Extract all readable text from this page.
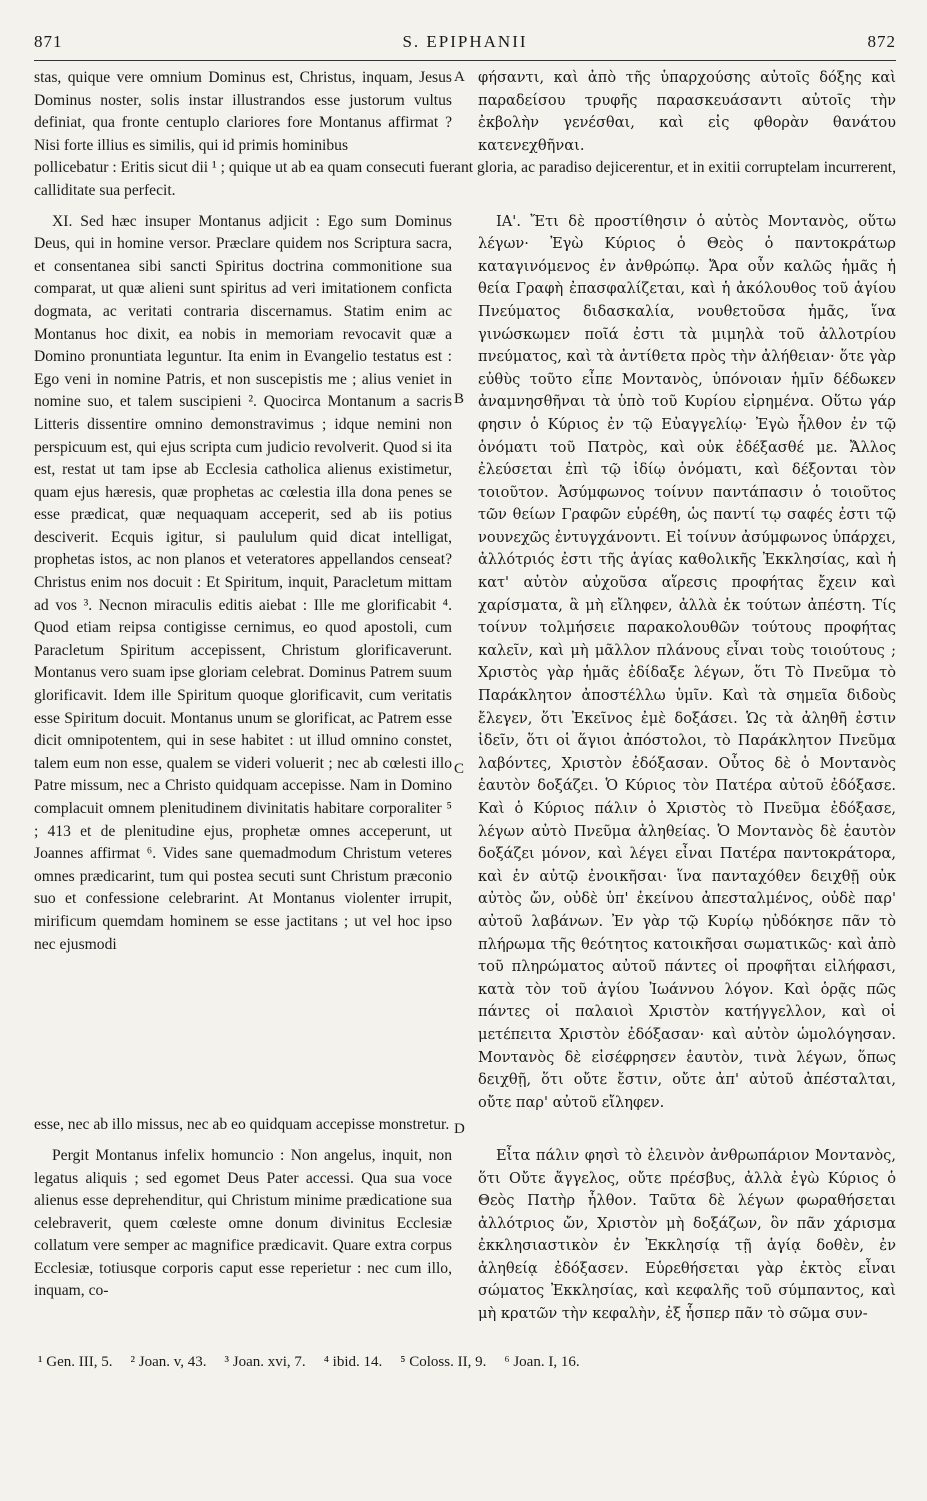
871	S. EPIPHANII	872

stas, quique vere omnium Dominus est, Christus, inquam, Jesus Dominus noster, solis instar illustrandos esse justorum vultus definiat, qua fronte centuplo clariores fore Montanus affirmat ? Nisi forte illius es similis, qui id primis hominibus

A φήσαντι, καὶ ἀπὸ τῆς ὑπαρχούσης αὐτοῖς δόξης καὶ παραδείσου τρυφῆς παρασκευάσαντι αὐτοῖς τὴν ἐκβολὴν γενέσθαι, καὶ εἰς φθορὰν θανάτου κατενεχθῆναι.

pollicebatur : Eritis sicut dii ¹ ; quique ut ab ea quam consecuti fuerant gloria, ac paradiso dejicerentur, et in exitii corruptelam incurrerent, calliditate sua perfecit.

XI. Sed hæc insuper Montanus adjicit : Ego sum Dominus Deus, qui in homine versor. Præclare quidem nos Scriptura sacra, et consentanea sibi sancti Spiritus doctrina commonitione sua comparat, ut quæ alieni sunt spiritus ad veri imitationem conficta dogmata, ac veritati contraria discernamus. Statim enim ac Montanus hoc dixit, ea nobis in memoriam revocavit quæ a Domino pronuntiata leguntur. Ita enim in Evangelio testatus est : Ego veni in nomine Patris, et non suscepistis me ; alius veniet in nomine suo, et talem suscipieni ². Quocirca Montanum a sacris Litteris dissentire omnino demonstravimus ; idque nemini non perspicuum est, qui ejus scripta cum judicio revolverit. Quod si ita est, restat ut tam ipse ab Ecclesia catholica alienus existimetur, quam ejus hæresis, quæ prophetas ac cœlestia illa dona penes se esse prædicat, quæ nequaquam acceperit, sed ab iis potius desciverit. Ecquis igitur, si paululum quid dicat intelligat, prophetas istos, ac non planos et veteratores appellandos censeat? Christus enim nos docuit : Et Spiritum, inquit, Paracletum mittam ad vos ³. Necnon miraculis editis aiebat : Ille me glorificabit ⁴. Quod etiam reipsa contigisse cernimus, eo quod apostoli, cum Paracletum Spiritum accepissent, Christum glorificaverunt. Montanus vero suam ipse gloriam celebrat. Dominus Patrem suum glorificavit. Idem ille Spiritum quoque glorificavit, cum veritatis esse Spiritum docuit. Montanus unum se glorificat, ac Patrem esse dicit omnipotentem, qui in sese habitet : ut illud omnino constet, talem eum non esse, qualem se videri voluerit ; nec ab cœlesti illo Patre missum, nec a Christo quidquam accepisse. Nam in Domino complacuit omnem plenitudinem divinitatis habitare corporaliter ⁵ ; 413 et de plenitudine ejus, prophetæ omnes acceperunt, ut Joannes affirmat ⁶. Vides sane quemadmodum Christum veteres omnes prædicarint, tum qui postea secuti sunt Christum præconio suo et confessione celebrarint. At Montanus violenter irrupit, mirificum quemdam hominem se esse jactitans ; ut vel hoc ipso nec ejusmodi

B
C
D

ΙΑ'. Ἔτι δὲ προστίθησιν ὁ αὐτὸς Μοντανὸς, οὕτω λέγων· Ἐγὼ Κύριος ὁ Θεὸς ὁ παντοκράτωρ καταγινόμενος ἐν ἀνθρώπῳ. Ἄρα οὖν καλῶς ἡμᾶς ἡ θεία Γραφὴ ἐπασφαλίζεται, καὶ ἡ ἀκόλουθος τοῦ ἁγίου Πνεύματος διδασκαλία, νουθετοῦσα ἡμᾶς, ἵνα γινώσκωμεν ποῖά ἐστι τὰ μιμηλὰ τοῦ ἀλλοτρίου πνεύματος, καὶ τὰ ἀντίθετα πρὸς τὴν ἀλήθειαν· ὅτε γὰρ εὐθὺς τοῦτο εἶπε Μοντανὸς, ὑπόνοιαν ἡμῖν δέδωκεν ἀναμνησθῆναι τὰ ὑπὸ τοῦ Κυρίου εἰρημένα. Οὕτω γάρ φησιν ὁ Κύριος ἐν τῷ Εὐαγγελίῳ· Ἐγὼ ἦλθον ἐν τῷ ὀνόματι τοῦ Πατρὸς, καὶ οὐκ ἐδέξασθέ με. Ἄλλος ἐλεύσεται ἐπὶ τῷ ἰδίῳ ὀνόματι, καὶ δέξονται τὸν τοιοῦτον. Ἀσύμφωνος τοίνυν παντάπασιν ὁ τοιοῦτος τῶν θείων Γραφῶν εὑρέθη, ὡς παντί τῳ σαφές ἐστι τῷ νουνεχῶς ἐντυγχάνοντι. Εἰ τοίνυν ἀσύμφωνος ὑπάρχει, ἀλλότριός ἐστι τῆς ἁγίας καθολικῆς Ἐκκλησίας, καὶ ἡ κατ' αὐτὸν αὐχοῦσα αἵρεσις προφήτας ἔχειν καὶ χαρίσματα, ἃ μὴ εἴληφεν, ἀλλὰ ἐκ τούτων ἀπέστη. Τίς τοίνυν τολμήσειε παρακολουθῶν τούτους προφήτας καλεῖν, καὶ μὴ μᾶλλον πλάνους εἶναι τοὺς τοιούτους ; Χριστὸς γὰρ ἡμᾶς ἐδίδαξε λέγων, ὅτι Τὸ Πνεῦμα τὸ Παράκλητον ἀποστέλλω ὑμῖν. Καὶ τὰ σημεῖα διδοὺς ἔλεγεν, ὅτι Ἐκεῖνος ἐμὲ δοξάσει. Ὡς τὰ ἀληθῆ ἐστιν ἰδεῖν, ὅτι οἱ ἅγιοι ἀπόστολοι, τὸ Παράκλητον Πνεῦμα λαβόντες, Χριστὸν ἐδόξασαν. Οὗτος δὲ ὁ Μοντανὸς ἑαυτὸν δοξάζει. Ὁ Κύριος τὸν Πατέρα αὐτοῦ ἐδόξασε. Καὶ ὁ Κύριος πάλιν ὁ Χριστὸς τὸ Πνεῦμα ἐδόξασε, λέγων αὐτὸ Πνεῦμα ἀληθείας. Ὁ Μοντανὸς δὲ ἑαυτὸν δοξάζει μόνον, καὶ λέγει εἶναι Πατέρα παντοκράτορα, καὶ ἐν αὐτῷ ἐνοικῆσαι· ἵνα πανταχόθεν δειχθῇ οὐκ αὐτὸς ὤν, οὐδὲ ὑπ' ἐκείνου ἀπεσταλμένος, οὐδὲ παρ' αὐτοῦ λαβάνων. Ἐν γὰρ τῷ Κυρίῳ ηὐδόκησε πᾶν τὸ πλήρωμα τῆς θεότητος κατοικῆσαι σωματικῶς· καὶ ἀπὸ τοῦ πληρώματος αὐτοῦ πάντες οἱ προφῆται εἰλήφασι, κατὰ τὸν τοῦ ἁγίου Ἰωάννου λόγον. Καὶ ὁρᾷς πῶς πάντες οἱ παλαιοὶ Χριστὸν κατήγγελλον, καὶ οἱ μετέπειτα Χριστὸν ἐδόξασαν· καὶ αὐτὸν ὡμολόγησαν. Μοντανὸς δὲ εἰσέφρησεν ἑαυτὸν, τινὰ λέγων, ὅπως δειχθῇ, ὅτι οὔτε ἔστιν, οὔτε ἀπ' αὐτοῦ ἀπέσταλται, οὔτε παρ' αὐτοῦ εἴληφεν.

esse, nec ab illo missus, nec ab eo quidquam accepisse monstretur.

Pergit Montanus infelix homuncio : Non angelus, inquit, non legatus aliquis ; sed egomet Deus Pater accessi. Qua sua voce alienus esse deprehenditur, qui Christum minime prædicatione sua celebraverit, quem cœleste omne donum divinitus Ecclesiæ collatum vere semper ac magnifice prædicavit. Quare extra corpus Ecclesiæ, totiusque corporis caput esse reperietur : nec cum illo, inquam, co-

Εἶτα πάλιν φησὶ τὸ ἐλεινὸν ἀνθρωπάριον Μοντανὸς, ὅτι Οὔτε ἄγγελος, οὔτε πρέσβυς, ἀλλὰ ἐγὼ Κύριος ὁ Θεὸς Πατὴρ ἦλθον. Ταῦτα δὲ λέγων φωραθήσεται ἀλλότριος ὤν, Χριστὸν μὴ δοξάζων, ὃν πᾶν χάρισμα ἐκκλησιαστικὸν ἐν Ἐκκλησίᾳ τῇ ἁγίᾳ δοθὲν, ἐν ἀληθείᾳ ἐδόξασεν. Εὑρεθήσεται γὰρ ἐκτὸς εἶναι σώματος Ἐκκλησίας, καὶ κεφαλῆς τοῦ σύμπαντος, καὶ μὴ κρατῶν τὴν κεφαλὴν, ἐξ ἧσπερ πᾶν τὸ σῶμα συν-

¹ Gen. III, 5. ² Joan. v, 43. ³ Joan. xvi, 7. ⁴ ibid. 14. ⁵ Coloss. II, 9. ⁶ Joan. I, 16.
